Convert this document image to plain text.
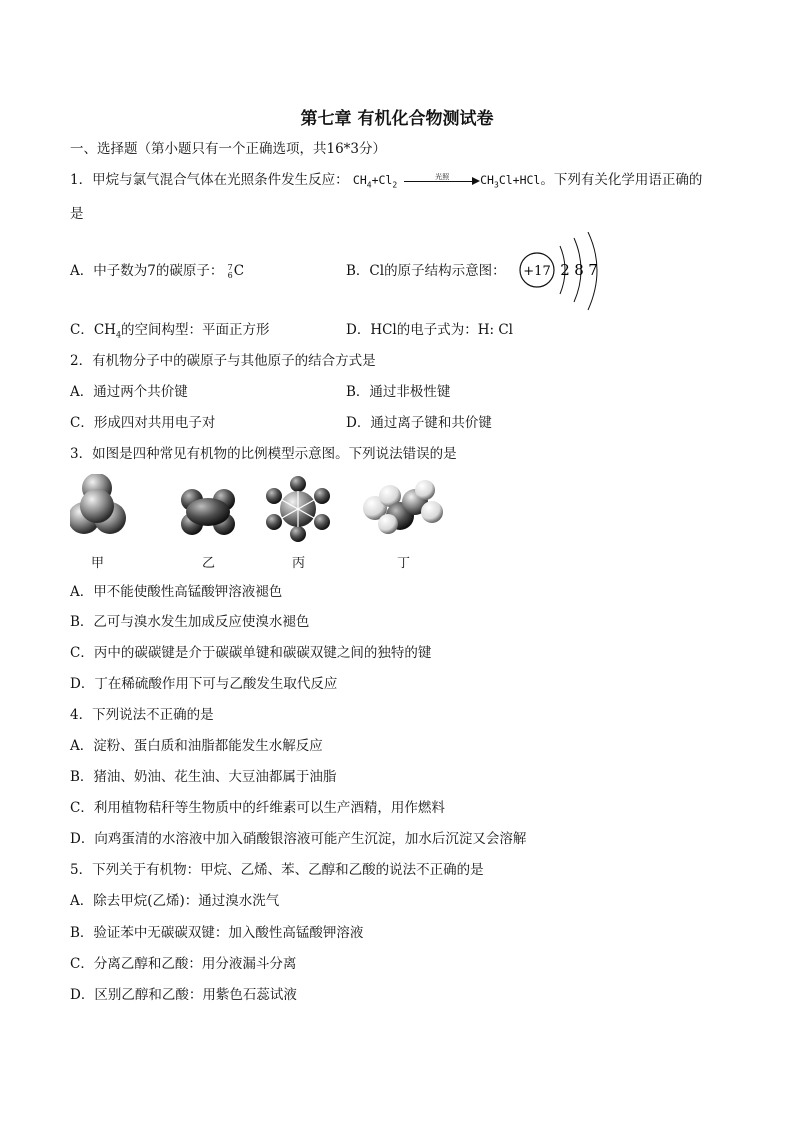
第七章 有机化合物测试卷
一、选择题（第小题只有一个正确选项，共16*3分）
1．甲烷与氯气混合气体在光照条件发生反应： $CH_4+Cl_2$
光照	$CH_3Cl+HCl$。下列有关化学用语正确的
是
A．中子数为7的碳原子： 7
6C	B．Cl的原子结构示意图： +17 2 8 7
C．$CH_4$的空间构型：平面正方形	D．HCl的电子式为：H: Cl
2．有机物分子中的碳原子与其他原子的结合方式是
A．通过两个共价键	B．通过非极性键
C．形成四对共用电子对	D．通过离子键和共价键
3．如图是四种常见有机物的比例模型示意图。下列说法错误的是
甲	乙	丙	丁
A．甲不能使酸性高锰酸钾溶液褪色
B．乙可与溴水发生加成反应使溴水褪色
C．丙中的碳碳键是介于碳碳单键和碳碳双键之间的独特的键
D．丁在稀硫酸作用下可与乙酸发生取代反应
4．下列说法不正确的是
A．淀粉、蛋白质和油脂都能发生水解反应
B．猪油、奶油、花生油、大豆油都属于油脂
C．利用植物秸秆等生物质中的纤维素可以生产酒精，用作燃料
D．向鸡蛋清的水溶液中加入硝酸银溶液可能产生沉淀，加水后沉淀又会溶解
5．下列关于有机物：甲烷、乙烯、苯、乙醇和乙酸的说法不正确的是
A．除去甲烷(乙烯)：通过溴水洗气
B．验证苯中无碳碳双键：加入酸性高锰酸钾溶液
C．分离乙醇和乙酸：用分液漏斗分离
D．区别乙醇和乙酸：用紫色石蕊试液
